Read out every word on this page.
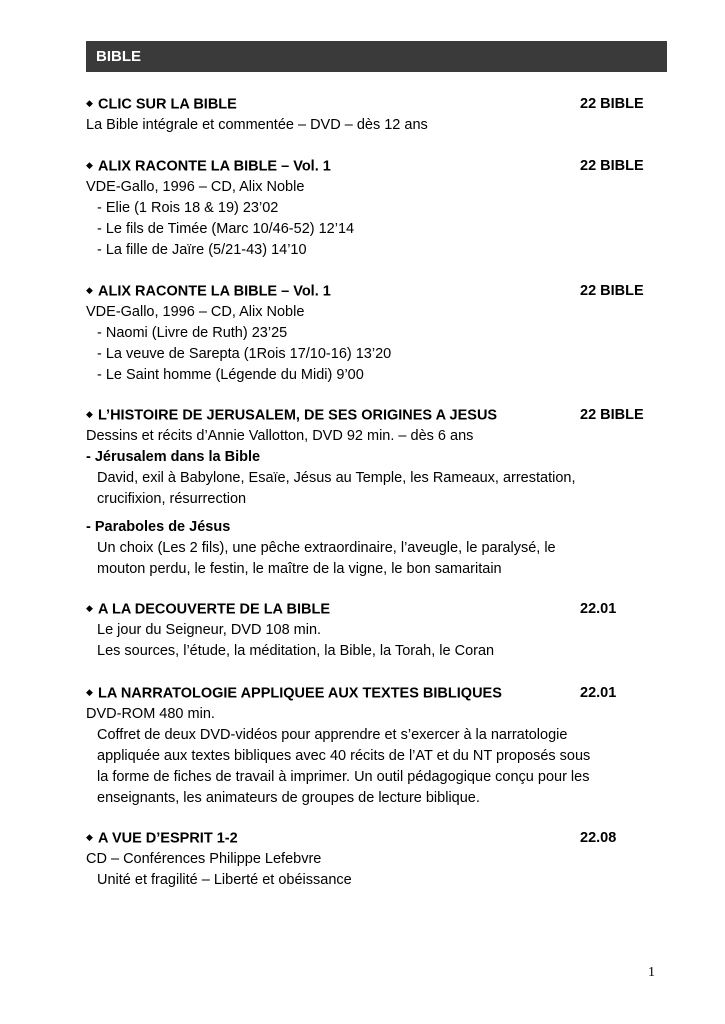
BIBLE
◆ CLIC SUR LA BIBLE	22 BIBLE
La Bible intégrale et commentée – DVD – dès 12 ans
◆ ALIX RACONTE LA BIBLE – Vol. 1	22 BIBLE
VDE-Gallo, 1996 – CD, Alix Noble
- Elie (1 Rois 18 & 19) 23’02
- Le fils de Timée (Marc 10/46-52) 12’14
- La fille de Jaïre (5/21-43) 14’10
◆ ALIX RACONTE LA BIBLE – Vol. 1	22 BIBLE
VDE-Gallo, 1996 – CD, Alix Noble
- Naomi (Livre de Ruth) 23’25
- La veuve de Sarepta (1Rois 17/10-16) 13’20
- Le Saint homme (Légende du Midi) 9’00
◆ L’HISTOIRE DE JERUSALEM, DE SES ORIGINES A JESUS	22 BIBLE
Dessins et récits d’Annie Vallotton, DVD 92 min. – dès 6 ans
- Jérusalem dans la Bible
David, exil à Babylone, Esaïe, Jésus au Temple, les Rameaux, arrestation,
crucifixion, résurrection
- Paraboles de Jésus
Un choix (Les 2 fils), une pêche extraordinaire, l’aveugle, le paralysé, le
mouton perdu, le festin, le maître de la vigne, le bon samaritain
◆ A LA DECOUVERTE DE LA BIBLE	22.01
Le jour du Seigneur, DVD 108 min.
Les sources, l’étude, la méditation, la Bible, la Torah, le Coran
◆ LA NARRATOLOGIE APPLIQUEE AUX TEXTES BIBLIQUES	22.01
DVD-ROM 480 min.
Coffret de deux DVD-vidéos pour apprendre et s’exercer à la narratologie
appliquée aux textes bibliques avec 40 récits de l’AT et du NT proposés sous
la forme de fiches de travail à imprimer. Un outil pédagogique conçu pour les
enseignants, les animateurs de groupes de lecture biblique.
◆ A VUE D’ESPRIT 1-2	22.08
CD – Conférences Philippe Lefebvre
Unité et fragilité – Liberté et obéissance
1
